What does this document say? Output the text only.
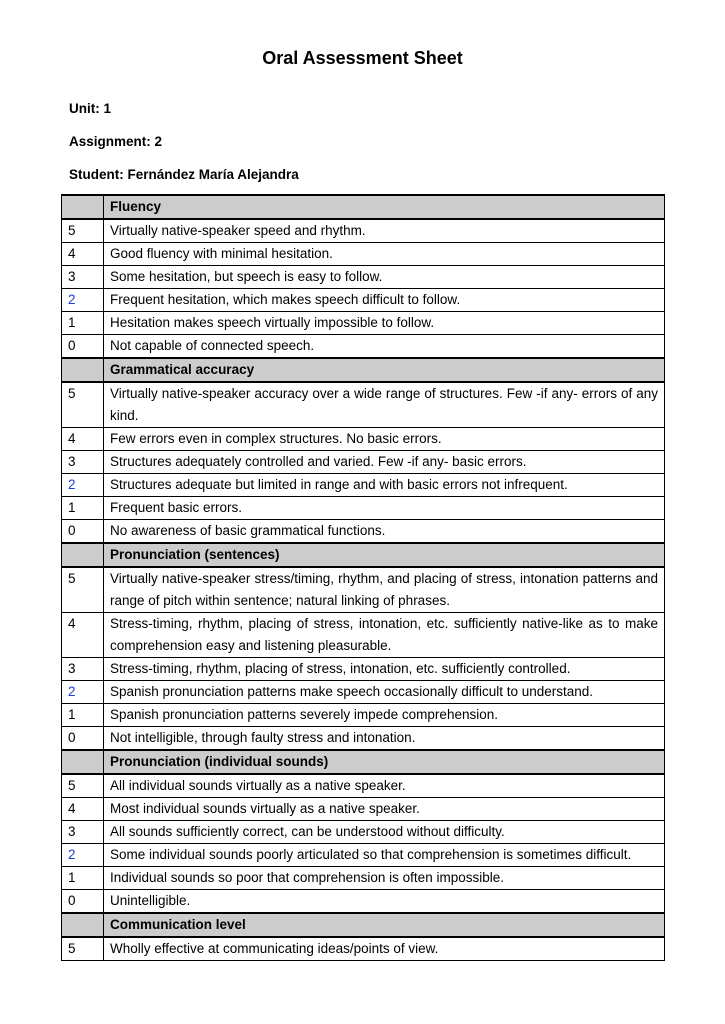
Oral Assessment Sheet
Unit: 1
Assignment: 2
Student: Fernández María Alejandra
	Fluency
5	Virtually native-speaker speed and rhythm.
4	Good fluency with minimal hesitation.
3	Some hesitation, but speech is easy to follow.
2	Frequent hesitation, which makes speech difficult to follow.
1	Hesitation makes speech virtually impossible to follow.
0	Not capable of connected speech.
	Grammatical accuracy
5	Virtually native-speaker accuracy over a wide range of structures. Few -if any- errors of any kind.
4	Few errors even in complex structures. No basic errors.
3	Structures adequately controlled and varied. Few -if any- basic errors.
2	Structures adequate but limited in range and with basic errors not infrequent.
1	Frequent basic errors.
0	No awareness of basic grammatical functions.
	Pronunciation (sentences)
5	Virtually native-speaker stress/timing, rhythm, and placing of stress, intonation patterns and range of pitch within sentence; natural linking of phrases.
4	Stress-timing, rhythm, placing of stress, intonation, etc. sufficiently native-like as to make comprehension easy and listening pleasurable.
3	Stress-timing, rhythm, placing of stress, intonation, etc. sufficiently controlled.
2	Spanish pronunciation patterns make speech occasionally difficult to understand.
1	Spanish pronunciation patterns severely impede comprehension.
0	Not intelligible, through faulty stress and intonation.
	Pronunciation (individual sounds)
5	All individual sounds virtually as a native speaker.
4	Most individual sounds virtually as a native speaker.
3	All sounds sufficiently correct, can be understood without difficulty.
2	Some individual sounds poorly articulated so that comprehension is sometimes difficult.
1	Individual sounds so poor that comprehension is often impossible.
0	Unintelligible.
	Communication level
5	Wholly effective at communicating ideas/points of view.
